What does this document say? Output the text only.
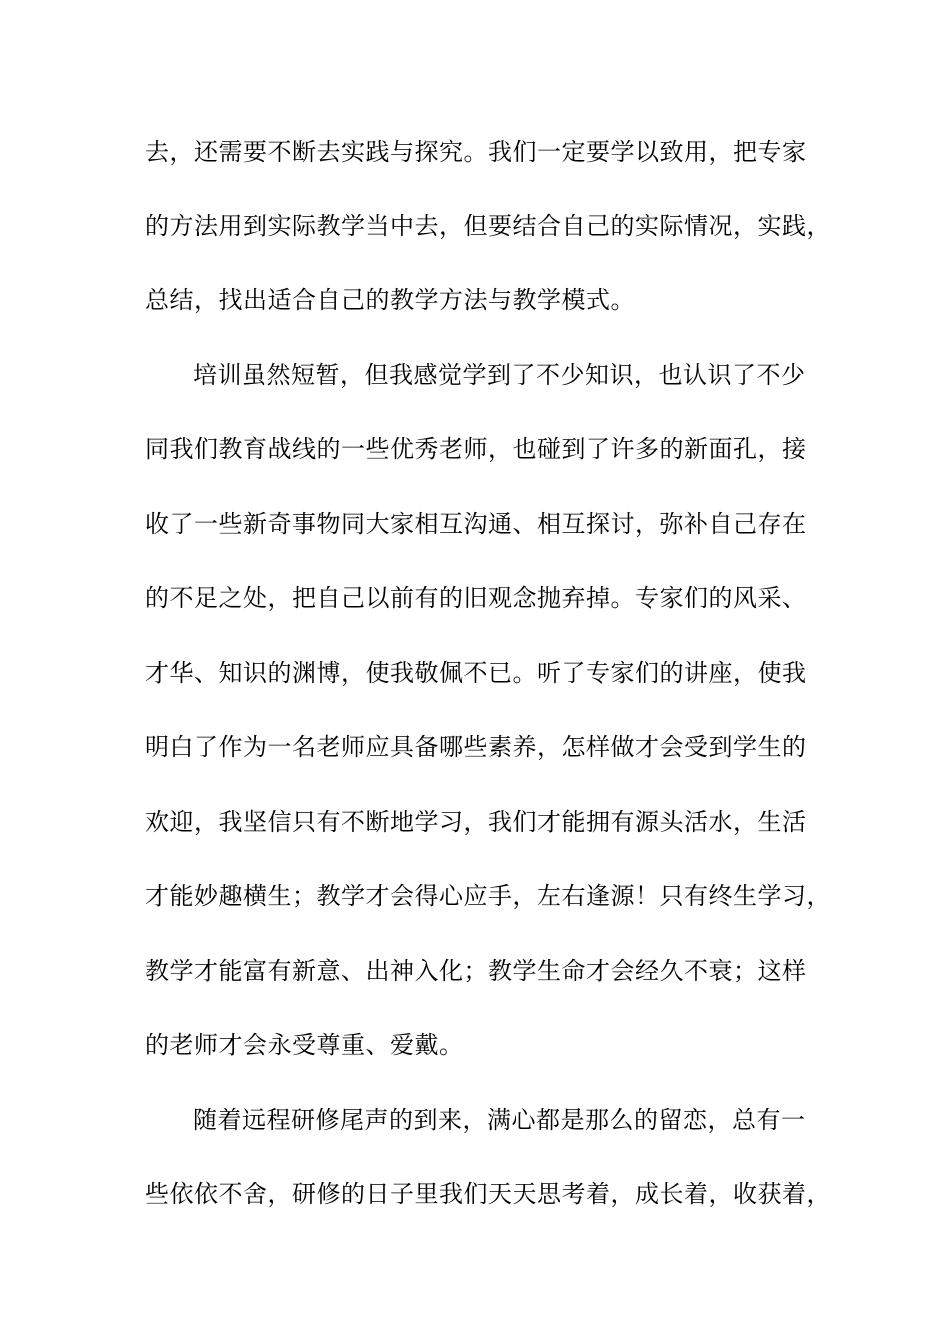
去，还需要不断去实践与探究。我们一定要学以致用，把专家
的方法用到实际教学当中去，但要结合自己的实际情况，实践，
总结，找出适合自己的教学方法与教学模式。
培训虽然短暂，但我感觉学到了不少知识，也认识了不少
同我们教育战线的一些优秀老师，也碰到了许多的新面孔，接
收了一些新奇事物同大家相互沟通、相互探讨，弥补自己存在
的不足之处，把自己以前有的旧观念抛弃掉。专家们的风采、
才华、知识的渊博，使我敬佩不已。听了专家们的讲座，使我
明白了作为一名老师应具备哪些素养，怎样做才会受到学生的
欢迎，我坚信只有不断地学习，我们才能拥有源头活水，生活
才能妙趣横生；教学才会得心应手，左右逢源！只有终生学习，
教学才能富有新意、出神入化；教学生命才会经久不衰；这样
的老师才会永受尊重、爱戴。
随着远程研修尾声的到来，满心都是那么的留恋，总有一
些依依不舍，研修的日子里我们天天思考着，成长着，收获着，
